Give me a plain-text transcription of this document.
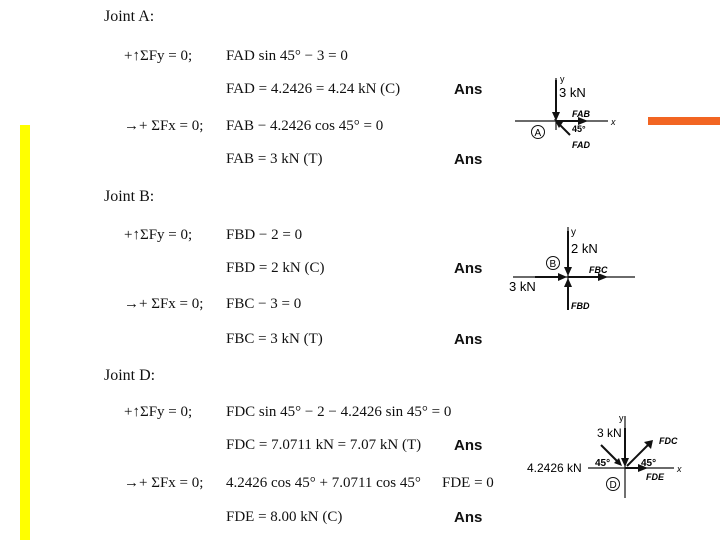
Joint A:
+↑ΣFy = 0; FAD sin 45° − 3 = 0
FAD = 4.2426 = 4.24 kN (C)	Ans
→+ ΣFx = 0; FAB − 4.2426 cos 45° = 0
FAB = 3 kN (T)	Ans
y
x
3 kN
FAB
45°
FAD
A
Joint B:
+↑ΣFy = 0; FBD − 2 = 0
FBD = 2 kN (C)	Ans
→+ ΣFx = 0; FBC − 3 = 0
FBC = 3 kN (T)	Ans
y
2 kN
B	FBC
3 kN
FBD
Joint D:
+↑ΣFy = 0; FDC sin 45° − 2 − 4.2426 sin 45° = 0
FDC = 7.0711 kN = 7.07 kN (T) Ans
→+ ΣFx = 0; 4.2426 cos 45° + 7.0711 cos 45° FDE = 0
FDE = 8.00 kN (C)	Ans
y
3 kN
FDC
4.2426 kN 45°	45° x
FDE
D
